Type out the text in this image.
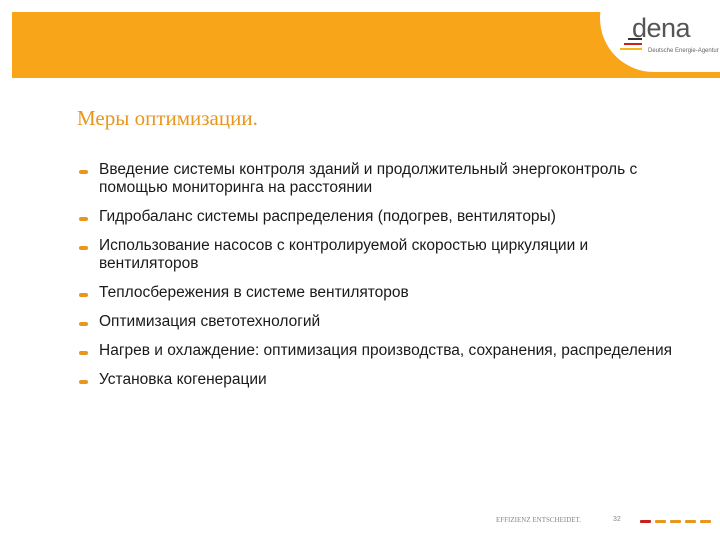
dena
Deutsche Energie-Agentur
Меры оптимизации.
Введение системы контроля зданий и продолжительный энергоконтроль с помощью мониторинга на расстоянии
Гидробаланс системы распределения (подогрев, вентиляторы)
Использование насосов с контролируемой скоростью циркуляции и вентиляторов
Теплосбережения в системе вентиляторов
Оптимизация светотехнологий
Нагрев и охлаждение: оптимизация производства, сохранения, распределения
Установка когенерации
EFFIZIENZ ENTSCHEIDET.	32
